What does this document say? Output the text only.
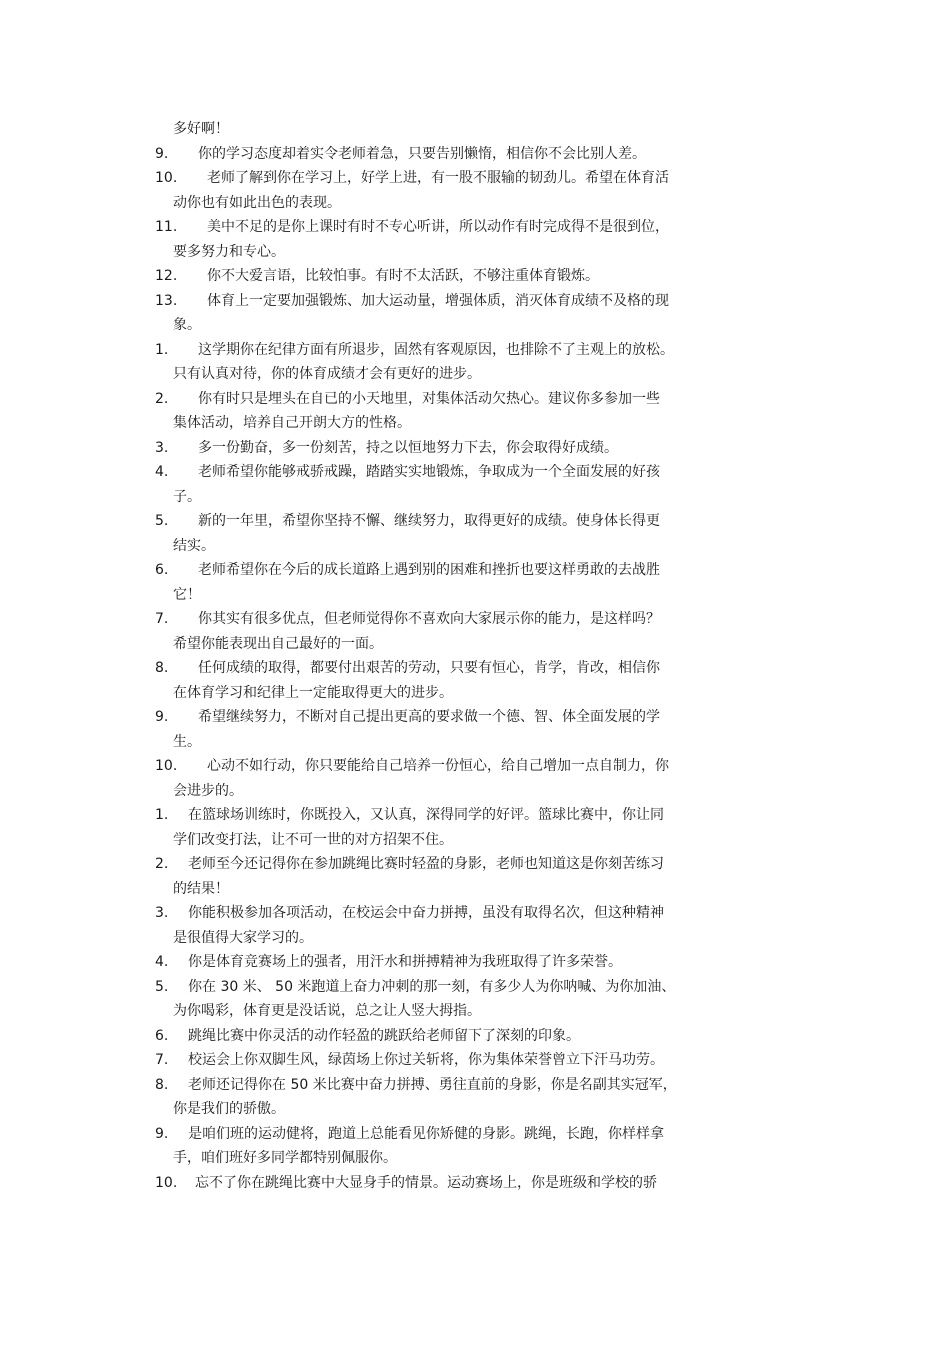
多好啊！
9.	你的学习态度却着实令老师着急，只要告别懒惰，相信你不会比别人差。
10.	老师了解到你在学习上，好学上进，有一股不服输的韧劲儿。希望在体育活
动你也有如此出色的表现。
11.	美中不足的是你上课时有时不专心听讲，所以动作有时完成得不是很到位，
要多努力和专心。
12.	你不大爱言语，比较怕事。有时不太活跃，不够注重体育锻炼。
13.	体育上一定要加强锻炼、加大运动量，增强体质，消灭体育成绩不及格的现
象。
1.	这学期你在纪律方面有所退步，固然有客观原因，也排除不了主观上的放松。
只有认真对待，你的体育成绩才会有更好的进步。
2.	你有时只是埋头在自已的小天地里，对集体活动欠热心。建议你多参加一些
集体活动，培养自己开朗大方的性格。
3.	多一份勤奋，多一份刻苦，持之以恒地努力下去，你会取得好成绩。
4.	老师希望你能够戒骄戒躁，踏踏实实地锻炼，争取成为一个全面发展的好孩
子。
5.	新的一年里，希望你坚持不懈、继续努力，取得更好的成绩。使身体长得更
结实。
6.	老师希望你在今后的成长道路上遇到别的困难和挫折也要这样勇敢的去战胜
它！
7.	你其实有很多优点，但老师觉得你不喜欢向大家展示你的能力，是这样吗？
希望你能表现出自己最好的一面。
8.	任何成绩的取得，都要付出艰苦的劳动，只要有恒心，肯学，肯改，相信你
在体育学习和纪律上一定能取得更大的进步。
9.	希望继续努力，不断对自己提出更高的要求做一个德、智、体全面发展的学
生。
10.	心动不如行动，你只要能给自己培养一份恒心，给自己增加一点自制力，你
会进步的。
1.	在篮球场训练时，你既投入，又认真，深得同学的好评。篮球比赛中，你让同
学们改变打法，让不可一世的对方招架不住。
2.	老师至今还记得你在参加跳绳比赛时轻盈的身影，老师也知道这是你刻苦练习
的结果！
3.	你能积极参加各项活动，在校运会中奋力拼搏，虽没有取得名次，但这种精神
是很值得大家学习的。
4.	你是体育竞赛场上的强者，用汗水和拼搏精神为我班取得了许多荣誉。
5.	你在 30 米、 50 米跑道上奋力冲刺的那一刻，有多少人为你呐喊、为你加油、
为你喝彩，体育更是没话说，总之让人竖大拇指。
6.	跳绳比赛中你灵活的动作轻盈的跳跃给老师留下了深刻的印象。
7.	校运会上你双脚生风，绿茵场上你过关斩将，你为集体荣誉曾立下汗马功劳。
8.	老师还记得你在 50 米比赛中奋力拼搏、勇往直前的身影，你是名副其实冠军，
你是我们的骄傲。
9.	是咱们班的运动健将，跑道上总能看见你矫健的身影。跳绳，长跑，你样样拿
手，咱们班好多同学都特别佩服你。
10.	忘不了你在跳绳比赛中大显身手的情景。运动赛场上，你是班级和学校的骄
